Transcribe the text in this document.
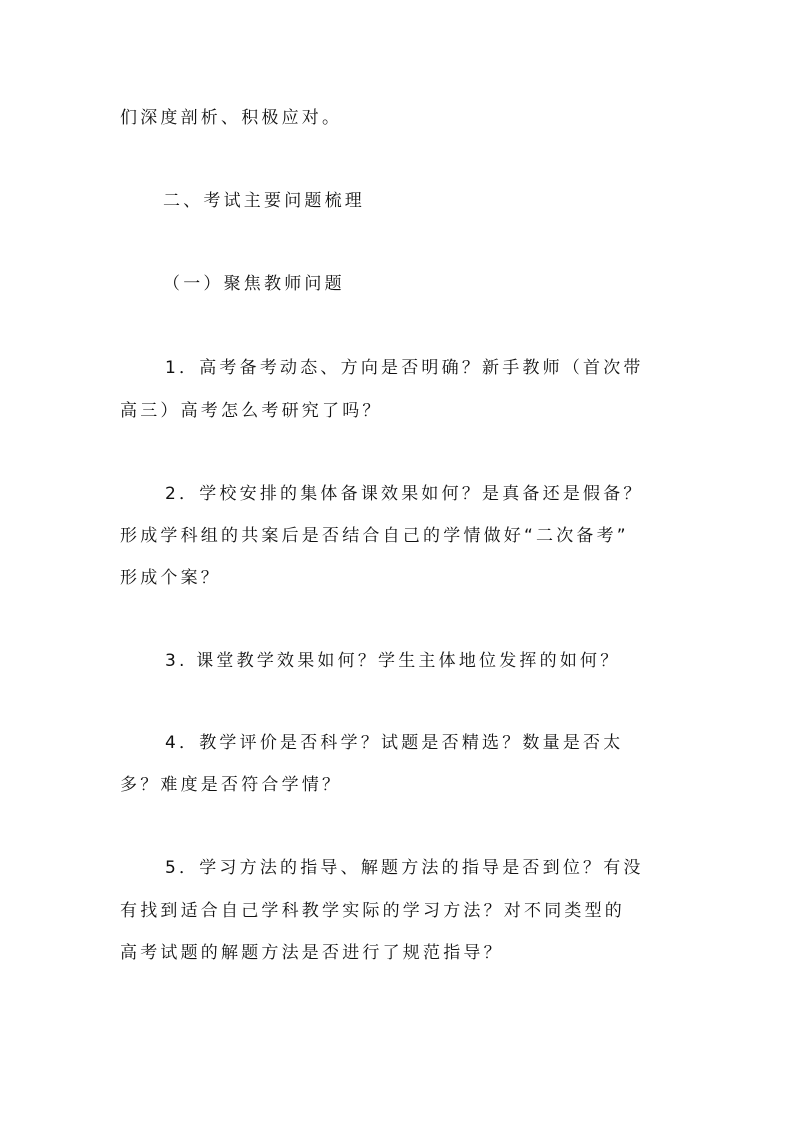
们深度剖析、积极应对。
二、考试主要问题梳理
（一）聚焦教师问题
1．高考备考动态、方向是否明确？新手教师（首次带
高三）高考怎么考研究了吗？
2．学校安排的集体备课效果如何？是真备还是假备？
形成学科组的共案后是否结合自己的学情做好“二次备考”
形成个案？
3. 课堂教学效果如何？学生主体地位发挥的如何？
4．教学评价是否科学？试题是否精选？数量是否太
多？难度是否符合学情？
5．学习方法的指导、解题方法的指导是否到位？有没
有找到适合自己学科教学实际的学习方法？对不同类型的
高考试题的解题方法是否进行了规范指导？
